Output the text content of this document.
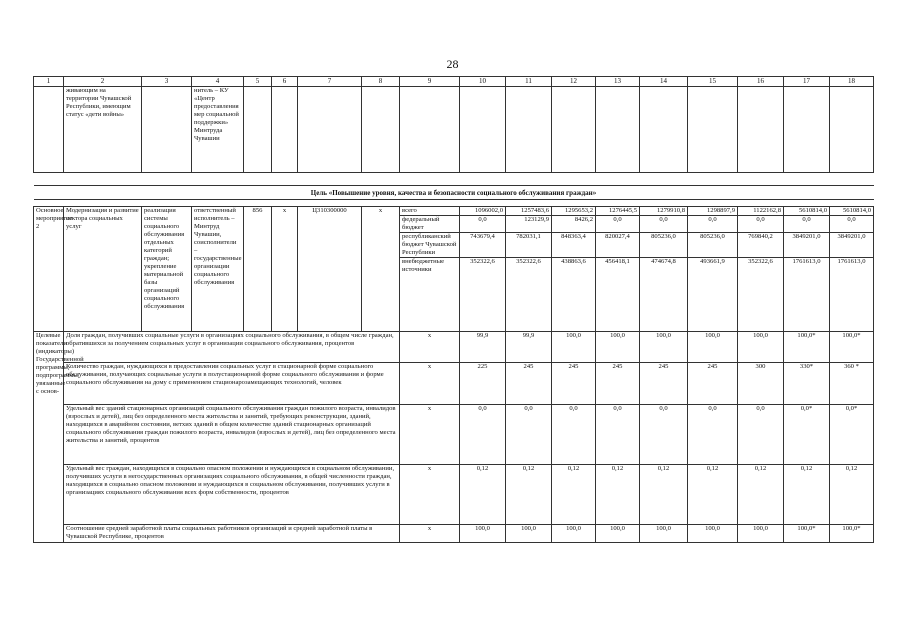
28
1	2	3	4	5	6	7	8	9	10	11	12	13	14	15	16	17	18
	живающим на территории Чувашской Республики, имеющим статус «дети войны»		нитель – КУ «Центр предоставления мер социальной поддержки» Минтруда Чувашии														

Цель «Повышение уровня, качества и безопасности социального обслуживания граждан»																	

Основное мероприятие 2	Модернизация и развитие сектора социальных услуг	реализация системы социального обслуживания отдельных категорий граждан; укрепление материальной базы организаций социального обслуживания	ответственный исполнитель – Минтруд Чувашии, соисполнители – государственные организации социального обслуживания	856	х	Ц310300000	х	всего	1096002,0	1257483,6	1295653,2	1276445,5	1279910,8	1298897,9	1122162,8	5610814,0	5610814,0
								федеральный бюджет	0,0	123129,9	8426,2	0,0	0,0	0,0	0,0	0,0	0,0
								республиканский бюджет Чувашской Республики	743679,4	782031,1	848363,4	820027,4	805236,0	805236,0	769840,2	3849201,0	3849201,0
								внебюджетные источники	352322,6	352322,6	438863,6	456418,1	474674,8	493661,9	352322,6	1761613,0	1761613,0
Целевые показатели (индикаторы) Государственной программы, подпрограммы, увязанные с основ-	Доля граждан, получивших социальные услуги в организациях социального обслуживания, в общем числе граждан, обратившихся за получением социальных услуг в организации социального обслуживания, процентов							х	99,9	99,9	100,0	100,0	100,0	100,0	100,0	100,0*	100,0*
	Количество граждан, нуждающихся в предоставлении социальных услуг в стационарной форме социального обслуживания, получающих социальные услуги в полустационарной форме социального обслуживания и форме социального обслуживания на дому с применением стационарозамещающих технологий, человек							х	225	245	245	245	245	245	300	330*	360 *
	Удельный вес зданий стационарных организаций социального обслуживания граждан пожилого возраста, инвалидов (взрослых и детей), лиц без определенного места жительства и занятий, требующих реконструкции, зданий, находящихся в аварийном состоянии, ветхих зданий в общем количестве зданий стационарных организаций социального обслуживания граждан пожилого возраста, инвалидов (взрослых и детей), лиц без определенного места жительства и занятий, процентов							х	0,0	0,0	0,0	0,0	0,0	0,0	0,0	0,0*	0,0*
	Удельный вес граждан, находящихся в социально опасном положении и нуждающихся в социальном обслуживании, получивших услуги в негосударственных организациях социального обслуживания, в общей численности граждан, находящихся в социально опасном положении и нуждающихся в социальном обслуживании, получивших услуги в организациях социального обслуживания всех форм собственности, процентов							х	0,12	0,12	0,12	0,12	0,12	0,12	0,12	0,12	0,12
	Соотношение средней заработной платы социальных работников организаций и средней заработной платы в Чувашской Республике, процентов							х	100,0	100,0	100,0	100,0	100,0	100,0	100,0	100,0*	100,0*
